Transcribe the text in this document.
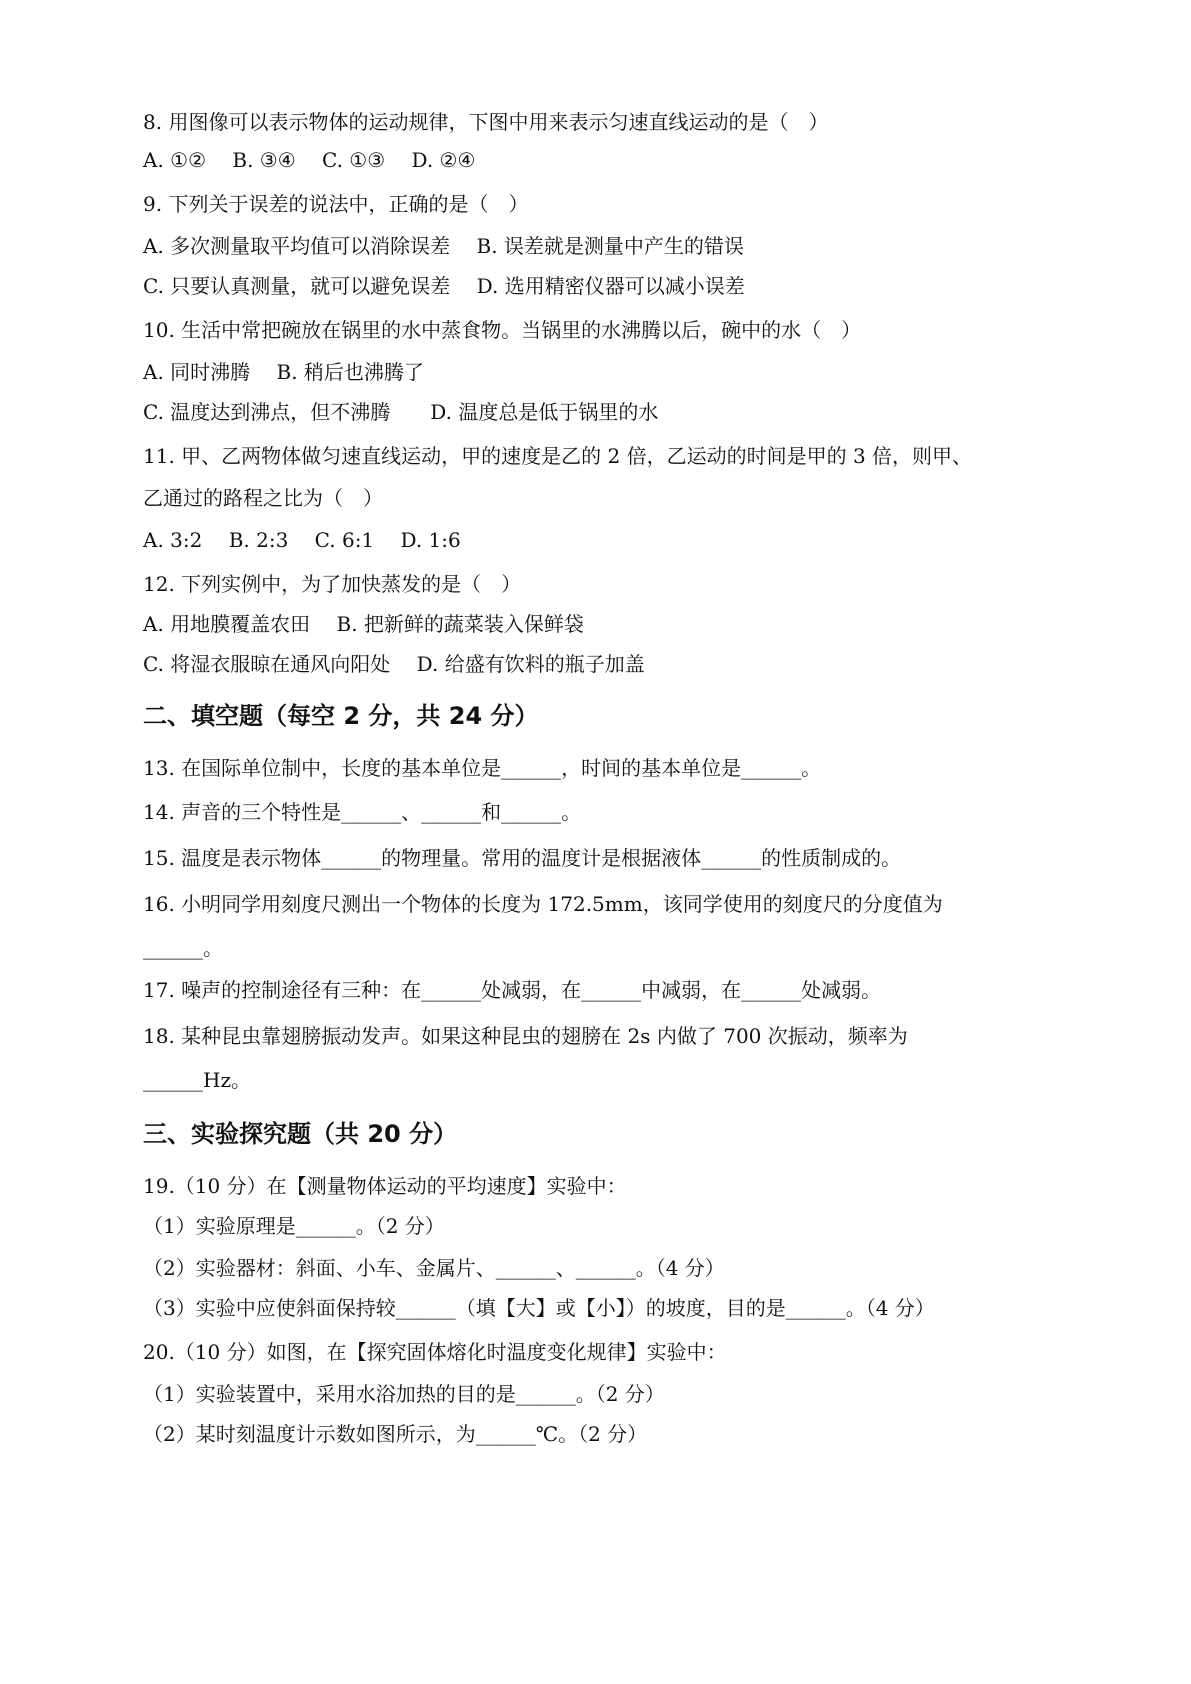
8. 用图像可以表示物体的运动规律，下图中用来表示匀速直线运动的是（　）
A. ①②　 B. ③④　 C. ①③　 D. ②④
9. 下列关于误差的说法中，正确的是（　）
A. 多次测量取平均值可以消除误差　 B. 误差就是测量中产生的错误
C. 只要认真测量，就可以避免误差　 D. 选用精密仪器可以减小误差
10. 生活中常把碗放在锅里的水中蒸食物。当锅里的水沸腾以后，碗中的水（　）
A. 同时沸腾　 B. 稍后也沸腾了
C. 温度达到沸点，但不沸腾　　D. 温度总是低于锅里的水
11. 甲、乙两物体做匀速直线运动，甲的速度是乙的 2 倍，乙运动的时间是甲的 3 倍，则甲、
乙通过的路程之比为（　）
A. 3:2　 B. 2:3　 C. 6:1　 D. 1:6
12. 下列实例中，为了加快蒸发的是（　）
A. 用地膜覆盖农田　 B. 把新鲜的蔬菜装入保鲜袋
C. 将湿衣服晾在通风向阳处　 D. 给盛有饮料的瓶子加盖
二、填空题（每空 2 分，共 24 分）
13. 在国际单位制中，长度的基本单位是______，时间的基本单位是______。
14. 声音的三个特性是______、______和______。
15. 温度是表示物体______的物理量。常用的温度计是根据液体______的性质制成的。
16. 小明同学用刻度尺测出一个物体的长度为 172.5mm，该同学使用的刻度尺的分度值为
______。
17. 噪声的控制途径有三种：在______处减弱，在______中减弱，在______处减弱。
18. 某种昆虫靠翅膀振动发声。如果这种昆虫的翅膀在 2s 内做了 700 次振动，频率为
______Hz。
三、实验探究题（共 20 分）
19.（10 分）在【测量物体运动的平均速度】实验中：
（1）实验原理是______。（2 分）
（2）实验器材：斜面、小车、金属片、______、______。（4 分）
（3）实验中应使斜面保持较______（填【大】或【小】）的坡度，目的是______。（4 分）
20.（10 分）如图，在【探究固体熔化时温度变化规律】实验中：
（1）实验装置中，采用水浴加热的目的是______。（2 分）
（2）某时刻温度计示数如图所示，为______℃。（2 分）
